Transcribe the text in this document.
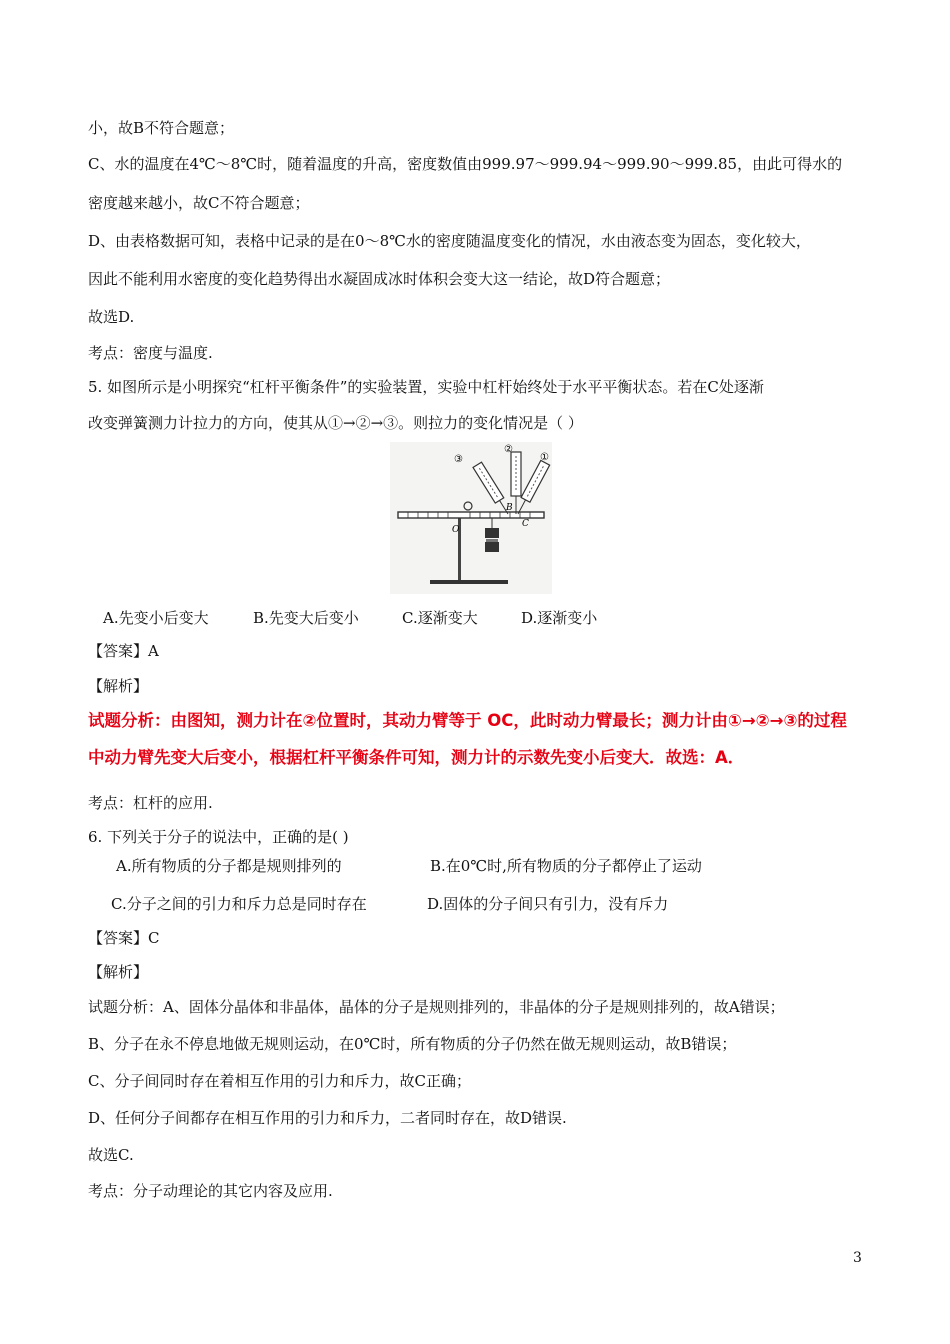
小，故B不符合题意；
C、水的温度在4℃～8℃时，随着温度的升高，密度数值由999.97～999.94～999.90～999.85，由此可得水的
密度越来越小，故C不符合题意；
D、由表格数据可知，表格中记录的是在0～8℃水的密度随温度变化的情况，水由液态变为固态，变化较大，
因此不能利用水密度的变化趋势得出水凝固成冰时体积会变大这一结论，故D符合题意；
故选D.
考点：密度与温度.
5. 如图所示是小明探究“杠杆平衡条件”的实验装置，实验中杠杆始终处于水平平衡状态。若在C处逐渐
改变弹簧测力计拉力的方向，使其从①→②→③。则拉力的变化情况是（ ）
O
B
C
③
②
①
A.先变小后变大	B.先变大后变小	C.逐渐变大	D.逐渐变小
【答案】A
【解析】
试题分析：由图知，测力计在②位置时，其动力臂等于 OC，此时动力臂最长；测力计由①→②→③的过程
中动力臂先变大后变小，根据杠杆平衡条件可知，测力计的示数先变小后变大．故选：A．
考点：杠杆的应用.
6. 下列关于分子的说法中，正确的是( )
A.所有物质的分子都是规则排列的	B.在0℃时,所有物质的分子都停止了运动
C.分子之间的引力和斥力总是同时存在	D.固体的分子间只有引力，没有斥力
【答案】C
【解析】
试题分析：A、固体分晶体和非晶体，晶体的分子是规则排列的，非晶体的分子是规则排列的，故A错误；
B、分子在永不停息地做无规则运动，在0℃时，所有物质的分子仍然在做无规则运动，故B错误；
C、分子间同时存在着相互作用的引力和斥力，故C正确；
D、任何分子间都存在相互作用的引力和斥力，二者同时存在，故D错误.
故选C.
考点：分子动理论的其它内容及应用.
3
